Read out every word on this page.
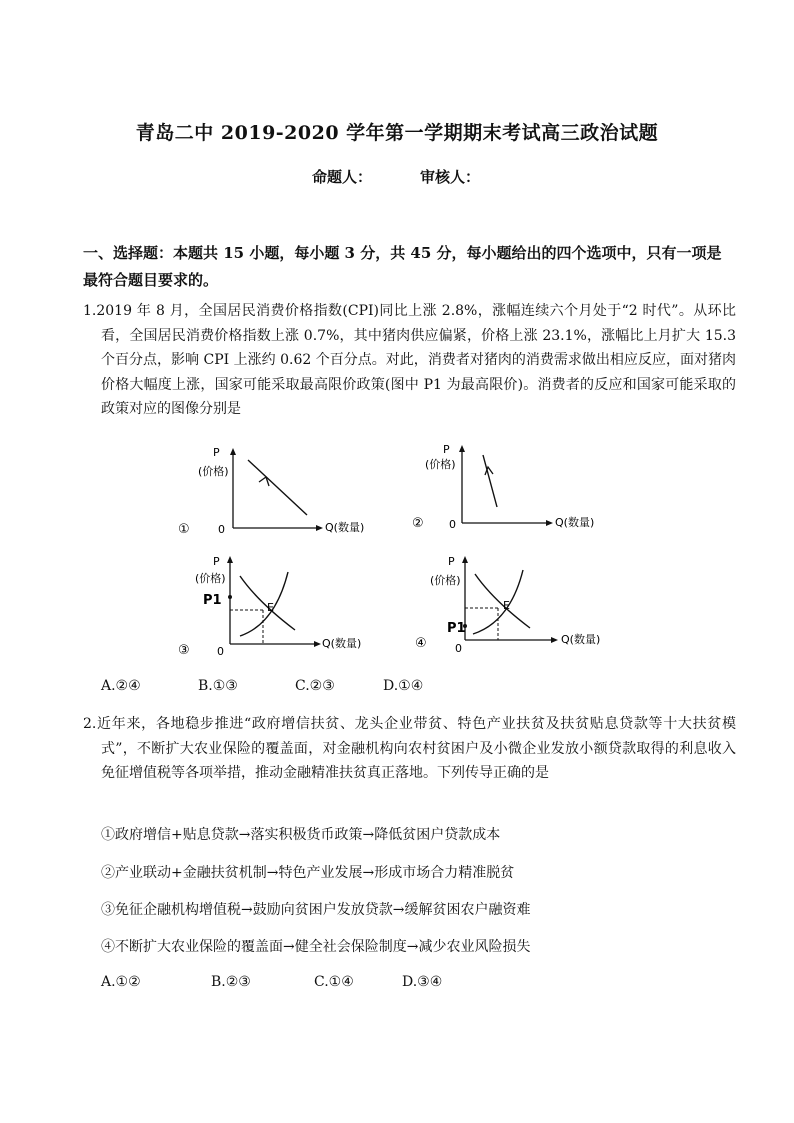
青岛二中 2019-2020 学年第一学期期末考试高三政治试题
命题人：	审核人：
一、选择题：本题共 15 小题，每小题 3 分，共 45 分，每小题给出的四个选项中，只有一项是最符合题目要求的。
1.2019 年 8 月，全国居民消费价格指数(CPI)同比上涨 2.8%，涨幅连续六个月处于“2 时代”。从环比看，全国居民消费价格指数上涨 0.7%，其中猪肉供应偏紧，价格上涨 23.1%，涨幅比上月扩大 15.3 个百分点，影响 CPI 上涨约 0.62 个百分点。对此，消费者对猪肉的消费需求做出相应反应，面对猪肉价格大幅度上涨，国家可能采取最高限价政策(图中 P1 为最高限价)。消费者的反应和国家可能采取的政策对应的图像分别是
P
(价格)
Q(数量)
0
①
P
(价格)
Q(数量)
0
②
P
(价格)
P1	E
Q(数量)
0
③
P
(价格)
P1
E
Q(数量)
0
④
A.②④	B.①③	C.②③	D.①④
2.近年来，各地稳步推进“政府增信扶贫、龙头企业带贫、特色产业扶贫及扶贫贴息贷款等十大扶贫模式”，不断扩大农业保险的覆盖面，对金融机构向农村贫困户及小微企业发放小额贷款取得的利息收入免征增值税等各项举措，推动金融精准扶贫真正落地。下列传导正确的是
①政府增信+贴息贷款→落实积极货币政策→降低贫困户贷款成本
②产业联动+金融扶贫机制→特色产业发展→形成市场合力精准脱贫
③免征企融机构增值税→鼓励向贫困户发放贷款→缓解贫困农户融资难
④不断扩大农业保险的覆盖面→健全社会保险制度→减少农业风险损失
A.①②	B.②③	C.①④	D.③④
